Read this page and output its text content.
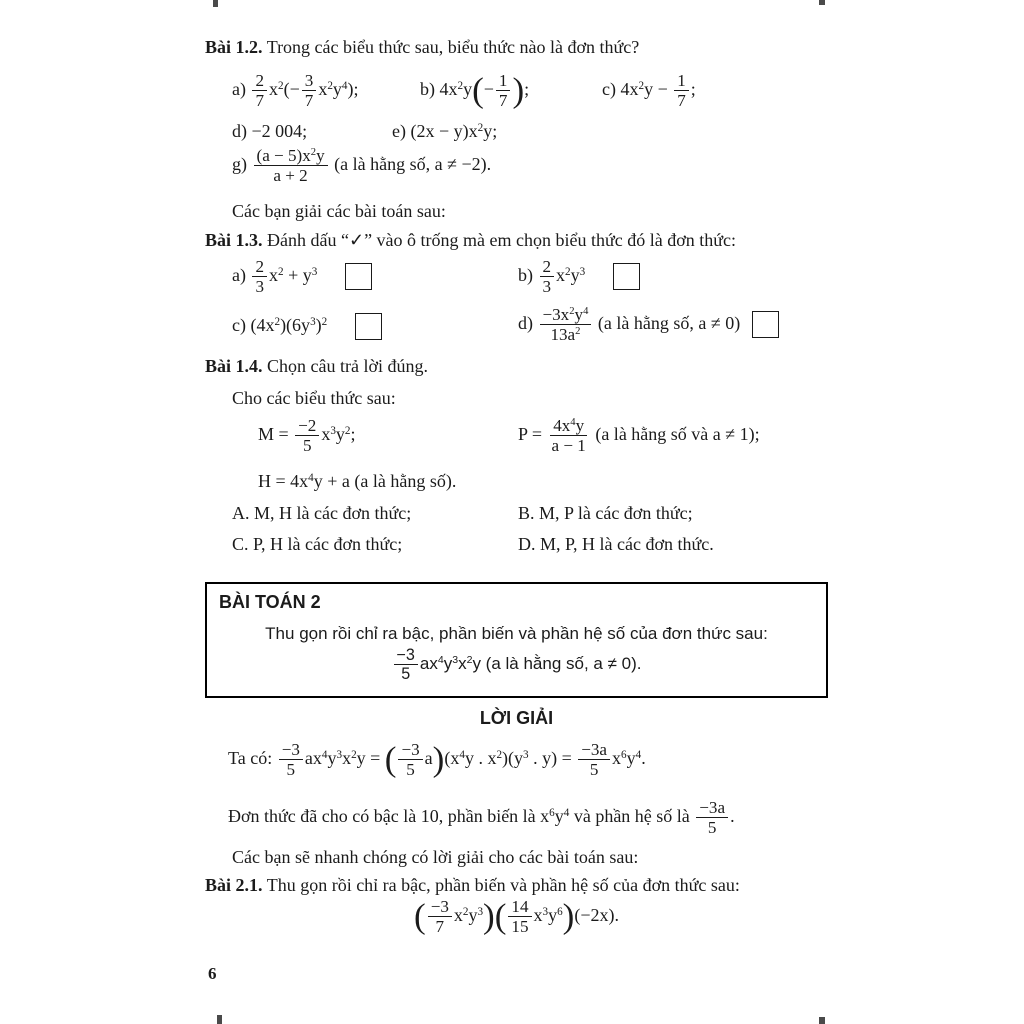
Bài 1.2. Trong các biểu thức sau, biểu thức nào là đơn thức?
$a) \frac{2}{7} x^2(- \frac{3}{7} x^2y^4)$;	b) $4x^2y(- \frac{1}{7}$ );	c) $4x^2y - \frac{1}{7}$ ;
d) −2 004;	e) $(2x - y)x^2y$;
$g) \frac{(a - 5)x^2y}{a + 2} (a$ là hằng số, a ≠ −2).
Các bạn giải các bài toán sau:
Bài 1.3. Đánh dấu “✓” vào ô trống mà em chọn biểu thức đó là đơn thức:
$a) \frac{2}{3} x^2 + y^3$	$b) \frac{2}{3} x^2y^3$
c) $(4x^2)(6y^3)^2$	$d) \frac{-3x^2y^4}{13a^2} (a$ là hằng số, a ≠ 0)
Bài 1.4. Chọn câu trả lời đúng.
Cho các biểu thức sau:
$M = \frac{-2}{5} x^3y^2$;	$P = \frac{4x^4y}{a - 1} (a$ là hằng số và a ≠ 1);
$H = 4x^4y + a$ (a là hằng số).
A. M, H là các đơn thức;	B. M, P là các đơn thức;
C. P, H là các đơn thức;	D. M, P, H là các đơn thức.
BÀI TOÁN 2
Thu gọn rồi chỉ ra bậc, phần biến và phần hệ số của đơn thức sau:
$\frac{-3}{5} ax^4y^3x^2y$ (a là hằng số, a ≠ 0).
LỜI GIẢI
Ta có: $\frac{-3}{5} ax^4y^3x^2y$ = ( $\frac{-3}{5} a)(x^4y$ . $x^2)(y^3$ . $y) = \frac{-3a}{5} x^6y^4$.
Đơn thức đã cho có bậc là 10, phần biến là $x^6y^4$ và phần hệ số là $\frac{-3a}{5}$ .
Các bạn sẽ nhanh chóng có lời giải cho các bài toán sau:
Bài 2.1. Thu gọn rồi chỉ ra bậc, phần biến và phần hệ số của đơn thức sau:
( $\frac{-3}{7} x^2y^3)( \frac{14}{15} x^3y^6)(-2x)$.
6
